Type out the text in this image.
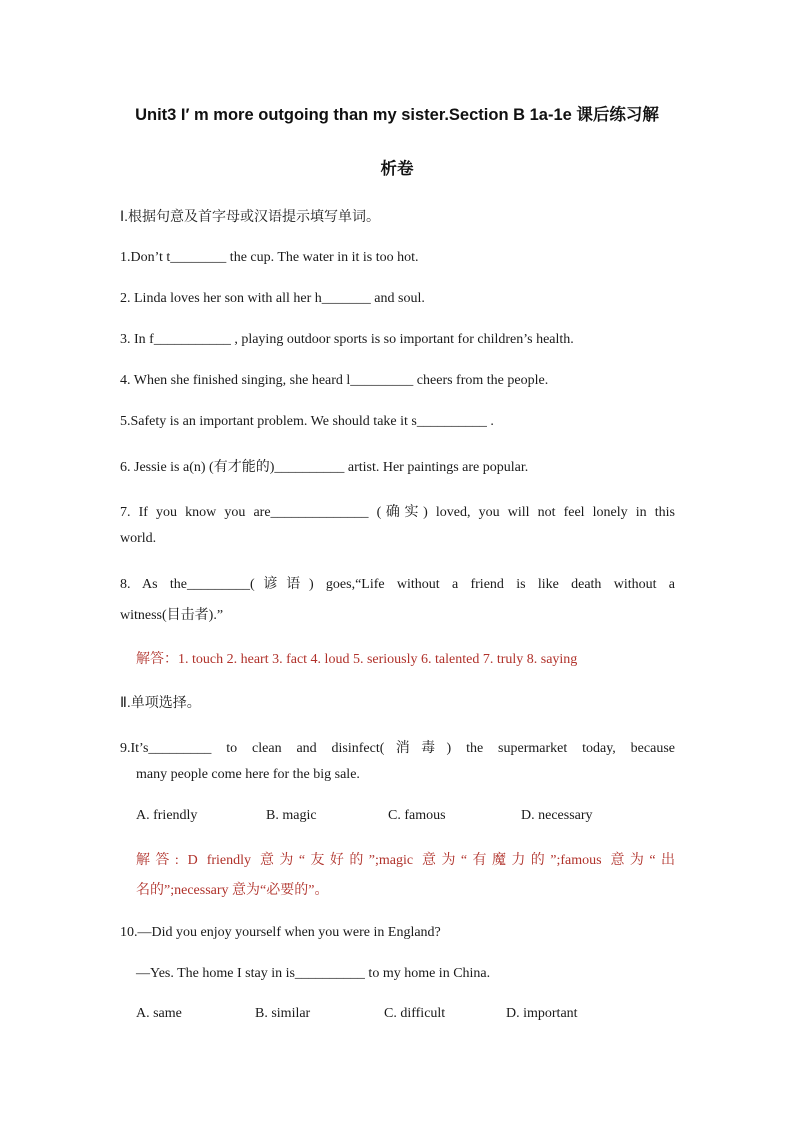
Unit3 I′ m more outgoing than my sister.Section B 1a-1e 课后练习解
析卷
Ⅰ.根据句意及首字母或汉语提示填写单词。
1.Don’t t________ the cup. The water in it is too hot.
2. Linda loves her son with all her h_______ and soul.
3. In f___________ , playing outdoor sports is so important for children’s health.
4. When she finished singing, she heard l_________ cheers from the people.
5.Safety is an important problem. We should take it s__________ .
6. Jessie is a(n) (有才能的)__________ artist. Her paintings are popular.
7. If you know you are______________ (确实) loved, you will not feel lonely in this
world.
8. As the_________(谚语) goes,“Life without a friend is like death without a
witness(目击者).”
解答：1. touch 2. heart 3. fact 4. loud 5. seriously 6. talented 7. truly 8. saying
Ⅱ.单项选择。
9.It’s_________ to clean and disinfect(消毒) the supermarket today, because
many people come here for the big sale.
A. friendly	B. magic	C. famous	D. necessary
解答: D friendly 意为“友好的”;magic 意为“有魔力的”;famous 意为“出
名的”;necessary 意为“必要的”。
10.—Did you enjoy yourself when you were in England?
—Yes. The home I stay in is__________ to my home in China.
A. same	B. similar	C. difficult	D. important
